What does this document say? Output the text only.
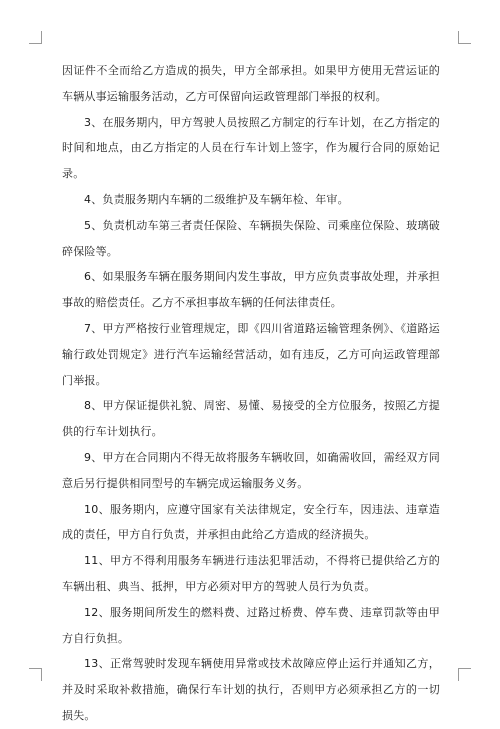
因证件不全而给乙方造成的损失，甲方全部承担。如果甲方使用无营运证的车辆从事运输服务活动，乙方可保留向运政管理部门举报的权利。

3、在服务期内，甲方驾驶人员按照乙方制定的行车计划，在乙方指定的时间和地点，由乙方指定的人员在行车计划上签字，作为履行合同的原始记录。

4、负责服务期内车辆的二级维护及车辆年检、年审。

5、负责机动车第三者责任保险、车辆损失保险、司乘座位保险、玻璃破碎保险等。

6、如果服务车辆在服务期间内发生事故，甲方应负责事故处理，并承担事故的赔偿责任。乙方不承担事故车辆的任何法律责任。

7、甲方严格按行业管理规定，即《四川省道路运输管理条例》、《道路运输行政处罚规定》进行汽车运输经营活动，如有违反，乙方可向运政管理部门举报。

8、甲方保证提供礼貌、周密、易懂、易接受的全方位服务，按照乙方提供的行车计划执行。

9、甲方在合同期内不得无故将服务车辆收回，如确需收回，需经双方同意后另行提供相同型号的车辆完成运输服务义务。

10、服务期内，应遵守国家有关法律规定，安全行车，因违法、违章造成的责任，甲方自行负责，并承担由此给乙方造成的经济损失。

11、甲方不得利用服务车辆进行违法犯罪活动，不得将已提供给乙方的车辆出租、典当、抵押，甲方必须对甲方的驾驶人员行为负责。

12、服务期间所发生的燃料费、过路过桥费、停车费、违章罚款等由甲方自行负担。

13、正常驾驶时发现车辆使用异常或技术故障应停止运行并通知乙方，并及时采取补救措施，确保行车计划的执行，否则甲方必须承担乙方的一切损失。
